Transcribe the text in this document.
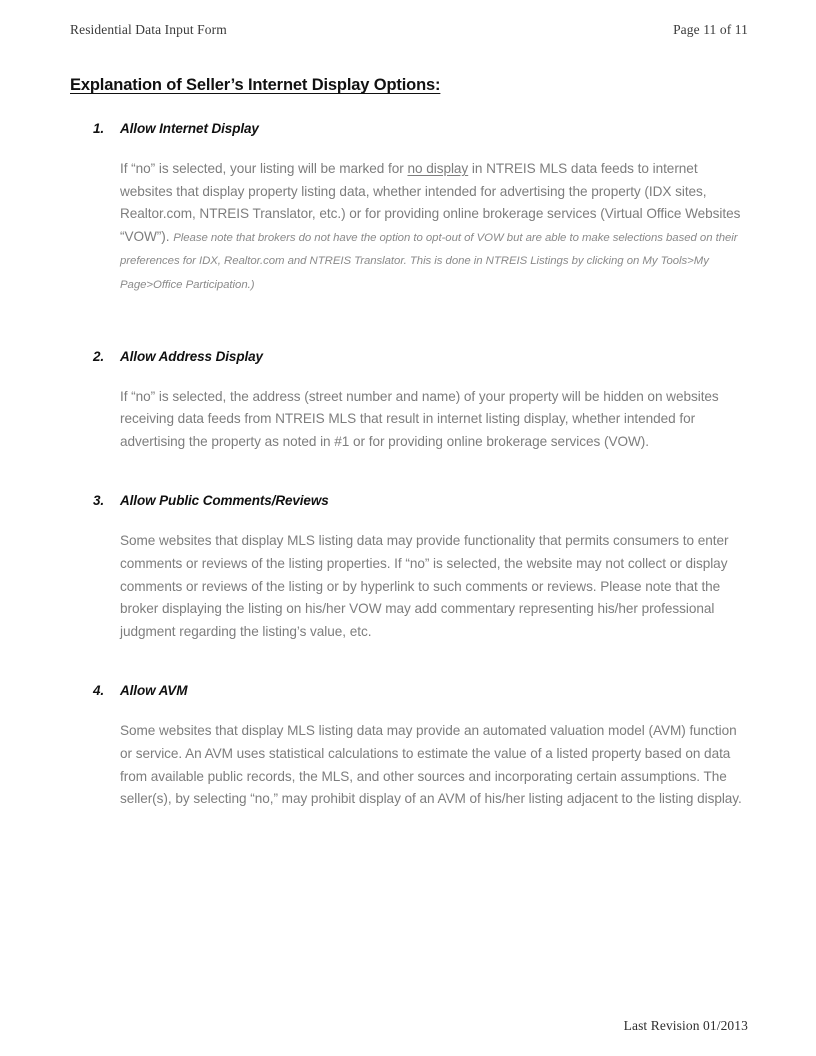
Residential Data Input Form	Page 11 of 11
Explanation of Seller’s Internet Display Options:
1. Allow Internet Display
If “no” is selected, your listing will be marked for no display in NTREIS MLS data feeds to internet websites that display property listing data, whether intended for advertising the property (IDX sites, Realtor.com, NTREIS Translator, etc.) or for providing online brokerage services (Virtual Office Websites “VOW”). Please note that brokers do not have the option to opt-out of VOW but are able to make selections based on their preferences for IDX, Realtor.com and NTREIS Translator. This is done in NTREIS Listings by clicking on My Tools>My Page>Office Participation.)
2. Allow Address Display
If “no” is selected, the address (street number and name) of your property will be hidden on websites receiving data feeds from NTREIS MLS that result in internet listing display, whether intended for advertising the property as noted in #1 or for providing online brokerage services (VOW).
3. Allow Public Comments/Reviews
Some websites that display MLS listing data may provide functionality that permits consumers to enter comments or reviews of the listing properties. If “no” is selected, the website may not collect or display comments or reviews of the listing or by hyperlink to such comments or reviews. Please note that the broker displaying the listing on his/her VOW may add commentary representing his/her professional judgment regarding the listing’s value, etc.
4. Allow AVM
Some websites that display MLS listing data may provide an automated valuation model (AVM) function or service. An AVM uses statistical calculations to estimate the value of a listed property based on data from available public records, the MLS, and other sources and incorporating certain assumptions. The seller(s), by selecting “no,” may prohibit display of an AVM of his/her listing adjacent to the listing display.
Last Revision 01/2013
